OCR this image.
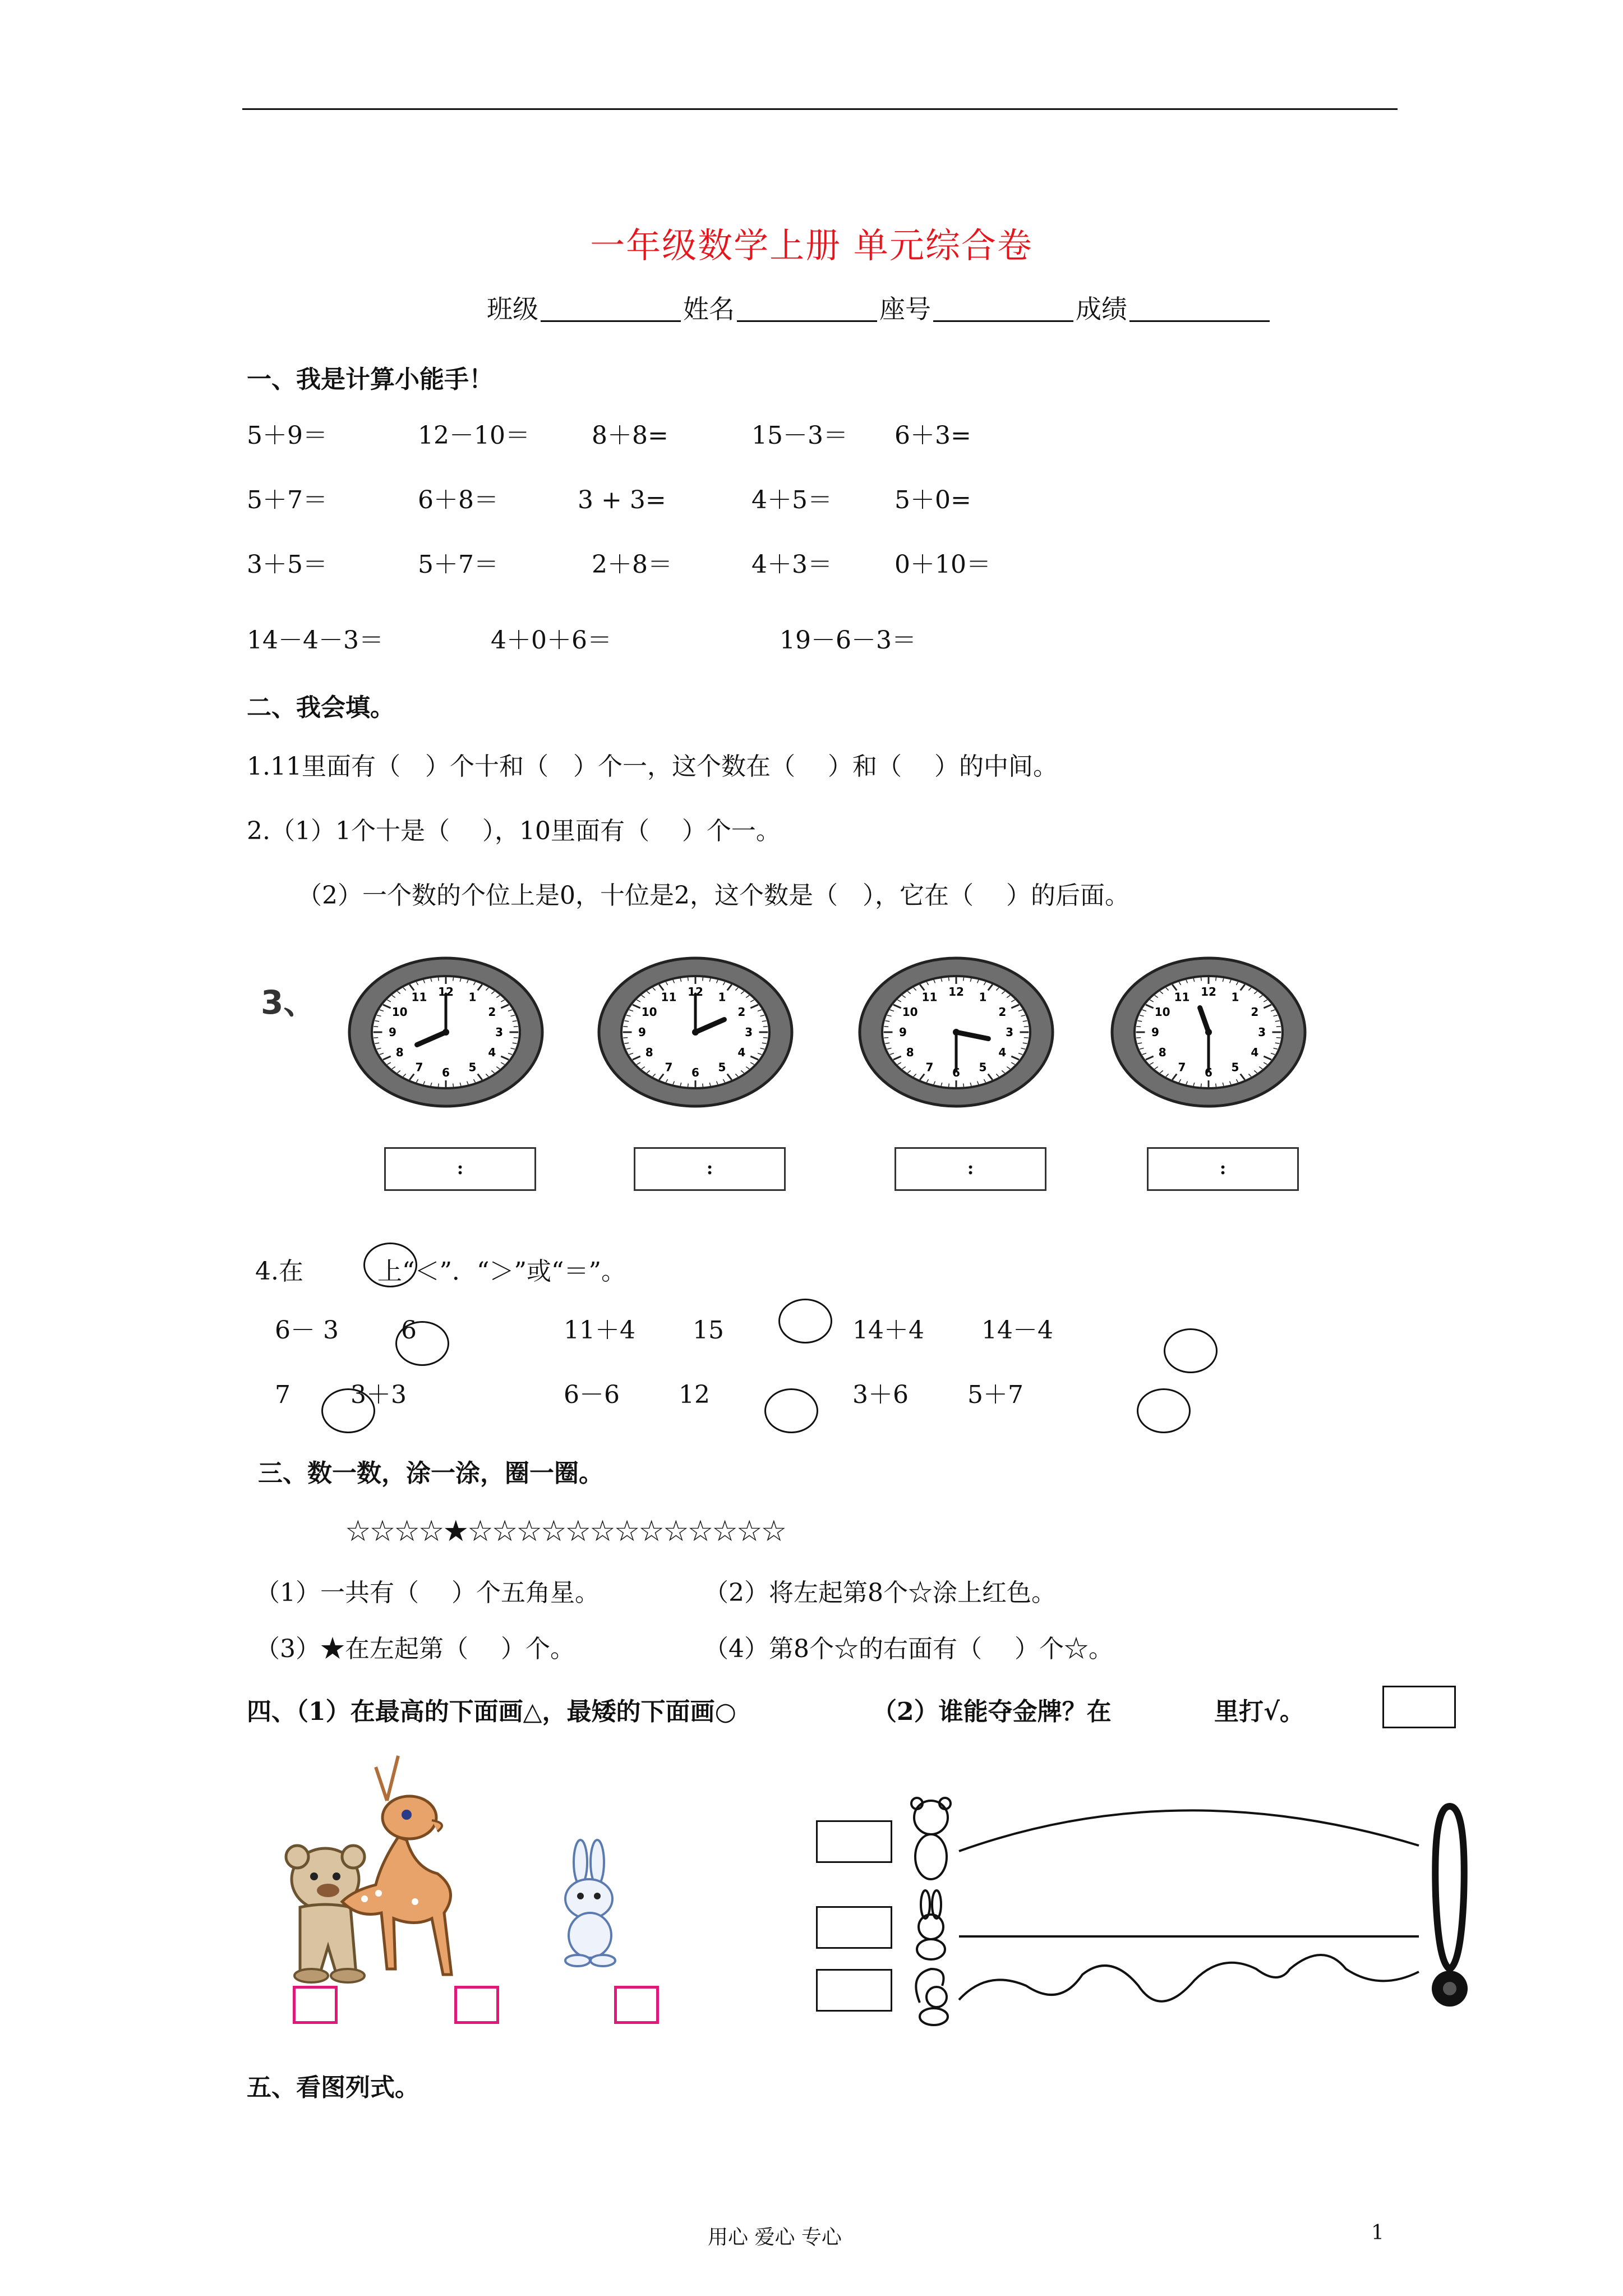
一年级数学上册 单元综合卷
班级	姓名	座号	成绩
一、我是计算小能手！
5＋9＝	12－10＝	8＋8=	15－3＝ 6＋3=
5＋7＝	6＋8＝	3 + 3=	4＋5＝	5＋0=
3＋5＝	5＋7＝	2＋8＝	4＋3＝	0＋10＝
14－4－3＝	4＋0＋6＝	19－6－3＝
二、我会填。
1.11里面有（　）个十和（　）个一，这个数在（　 ）和（　 ）的中间。
2.（1）1个十是（　 ），10里面有（　 ）个一。
（2）一个数的个位上是0，十位是2，这个数是（　），它在（　 ）的后面。
3、	12 1
2
3
4
5
6
7
8
9
10
11	12 1
2
3
4
5
6
7
8
9
10
11	12 1
2
3
4
5
6
7
8
9
10
11	12 1
2
3
4
5
6
7
8
9
10
11
:	:	:	:
4.在　　　上“＜”．“＞”或“＝”。
6－ 3	6	11＋4 15	14＋4 14－4
7 3＋3	6－6 12	3＋6 5＋7
三、数一数，涂一涂，圈一圈。
☆☆☆☆★☆☆☆☆☆☆☆☆☆☆☆☆☆
（1）一共有（　 ）个五角星。	（2）将左起第8个☆涂上红色。
（3）★在左起第（　 ）个。	（4）第8个☆的右面有（　 ）个☆。
四、（1）在最高的下面画△，最矮的下面画○	（2）谁能夺金牌？在	里打√。
五、看图列式。
用心 爱心 专心	1
